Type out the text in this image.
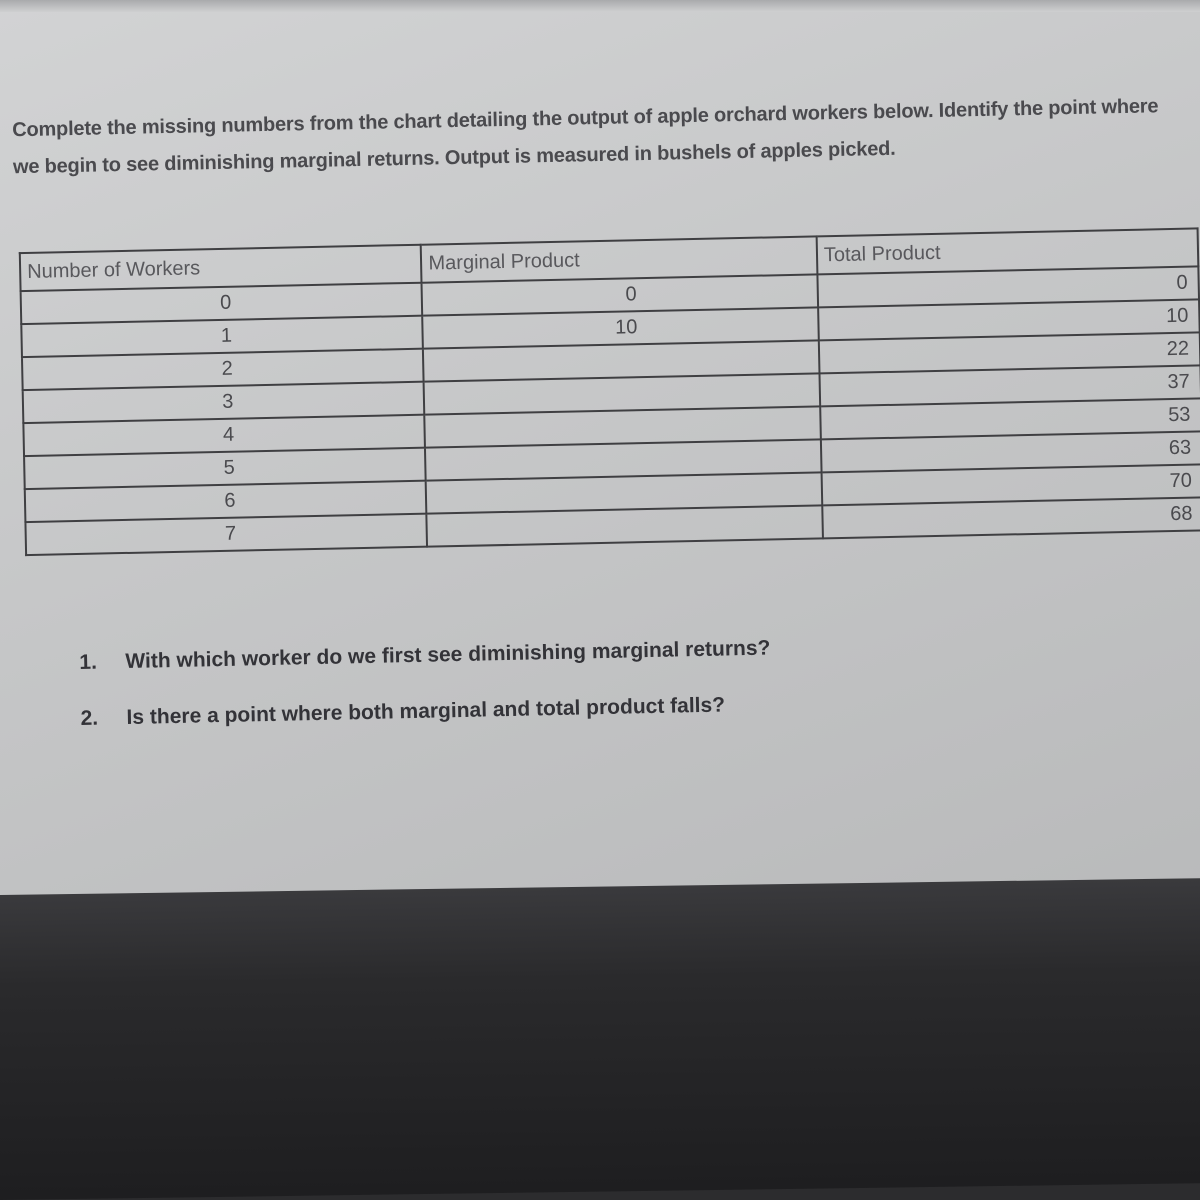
Complete the missing numbers from the chart detailing the output of apple orchard workers below. Identify the point where we begin to see diminishing marginal returns. Output is measured in bushels of apples picked.

Number of Workers	Marginal Product	Total Product
0	0	0
1	10	10
2		22
3		37
4		53
5		63
6		70
7		68
1. With which worker do we first see diminishing marginal returns?
2. Is there a point where both marginal and total product falls?
